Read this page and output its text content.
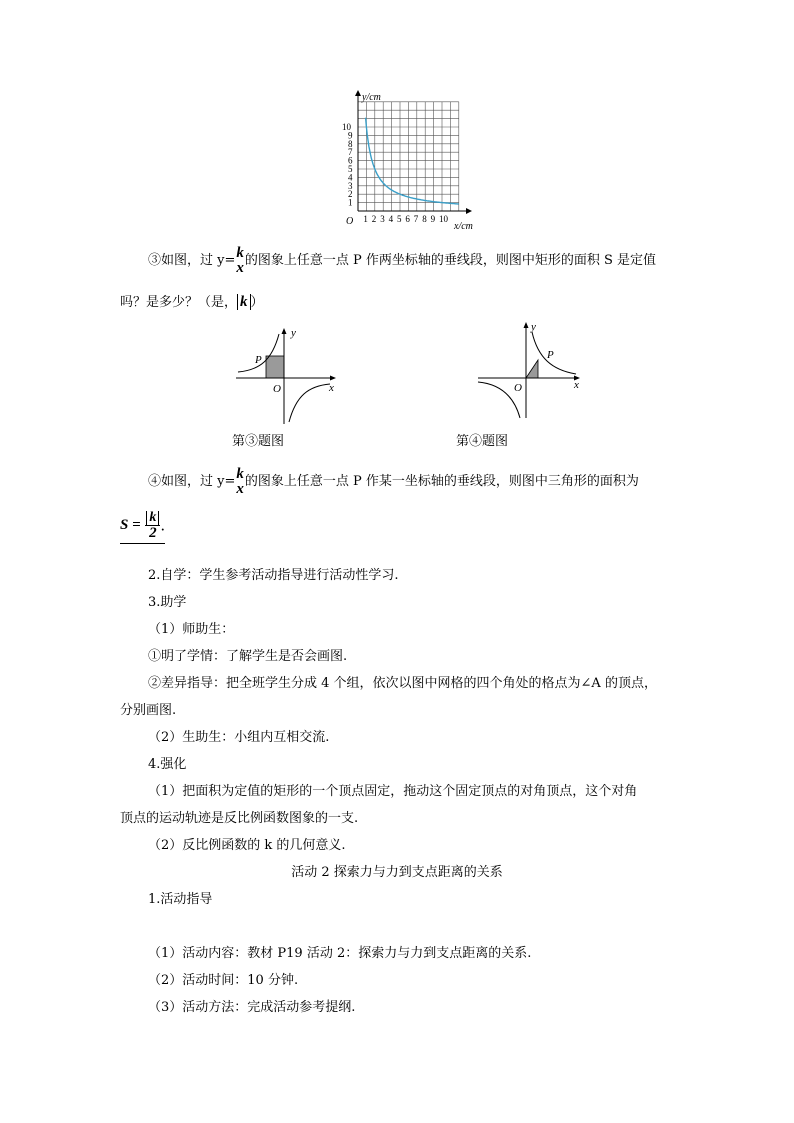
y/cm
x/cm
O
1
2
3
4
5
6
7
8
9
10
1 2 3 4 5 6 7 8 9 10
③如图，过 y= k
x 的图象上任意一点 P 作两坐标轴的垂线段，则图中矩形的面积 S 是定值
吗？是多少？（是， k ）
y
x
O
P
第③题图
y
x
O
P
第④题图
④如图，过 y= k
x 的图象上任意一点 P 作某一坐标轴的垂线段，则图中三角形的面积为
$S = \frac{k}{2}$ .
2.自学：学生参考活动指导进行活动性学习.
3.助学
（1）师助生：
①明了学情：了解学生是否会画图.
②差异指导：把全班学生分成 4 个组，依次以图中网格的四个角处的格点为∠A 的顶点，
分别画图.
（2）生助生：小组内互相交流.
4.强化
（1）把面积为定值的矩形的一个顶点固定，拖动这个固定顶点的对角顶点，这个对角
顶点的运动轨迹是反比例函数图象的一支.
（2）反比例函数的 k 的几何意义.
活动 2 探索力与力到支点距离的关系
1.活动指导
（1）活动内容：教材 P19 活动 2：探索力与力到支点距离的关系.
（2）活动时间：10 分钟.
（3）活动方法：完成活动参考提纲.
